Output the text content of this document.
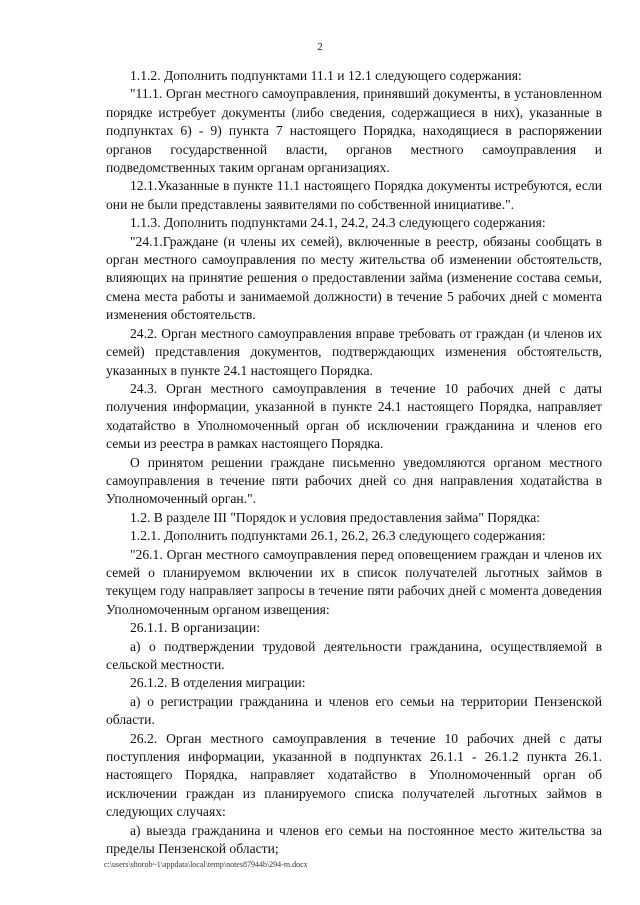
2

1.1.2. Дополнить подпунктами 11.1 и 12.1 следующего содержания:

"11.1. Орган местного самоуправления, принявший документы, в установленном порядке истребует документы (либо сведения, содержащиеся в них), указанные в подпунктах 6) - 9) пункта 7 настоящего Порядка, находящиеся в распоряжении органов государственной власти, органов местного самоуправления и подведомственных таким органам организациях.

12.1.Указанные в пункте 11.1 настоящего Порядка документы истребуются, если они не были представлены заявителями по собственной инициативе.".

1.1.3. Дополнить подпунктами 24.1, 24.2, 24.3 следующего содержания:

"24.1.Граждане (и члены их семей), включенные в реестр, обязаны сообщать в орган местного самоуправления по месту жительства об изменении обстоятельств, влияющих на принятие решения о предоставлении займа (изменение состава семьи, смена места работы и занимаемой должности) в течение 5 рабочих дней с момента изменения обстоятельств.

24.2. Орган местного самоуправления вправе требовать от граждан (и членов их семей) представления документов, подтверждающих изменения обстоятельств, указанных в пункте 24.1 настоящего Порядка.

24.3. Орган местного самоуправления в течение 10 рабочих дней с даты получения информации, указанной в пункте 24.1 настоящего Порядка, направляет ходатайство в Уполномоченный орган об исключении гражданина и членов его семьи из реестра в рамках настоящего Порядка.

О принятом решении граждане письменно уведомляются органом местного самоуправления в течение пяти рабочих дней со дня направления ходатайства в Уполномоченный орган.".

1.2. В разделе III "Порядок и условия предоставления займа" Порядка:

1.2.1. Дополнить подпунктами 26.1, 26.2, 26.3 следующего содержания:

"26.1. Орган местного самоуправления перед оповещением граждан и членов их семей о планируемом включении их в список получателей льготных займов в текущем году направляет запросы в течение пяти рабочих дней с момента доведения Уполномоченным органом извещения:

26.1.1. В организации:

а) о подтверждении трудовой деятельности гражданина, осуществляемой в сельской местности.

26.1.2. В отделения миграции:

а) о регистрации гражданина и членов его семьи на территории Пензенской области.

26.2. Орган местного самоуправления в течение 10 рабочих дней с даты поступления информации, указанной в подпунктах 26.1.1 - 26.1.2 пункта 26.1. настоящего Порядка, направляет ходатайство в Уполномоченный орган об исключении граждан из планируемого списка получателей льготных займов в следующих случаях:

а) выезда гражданина и членов его семьи на постоянное место жительства за пределы Пензенской области;

c:\users\shorob~1\appdata\local\temp\notes87944b\294-m.docx
